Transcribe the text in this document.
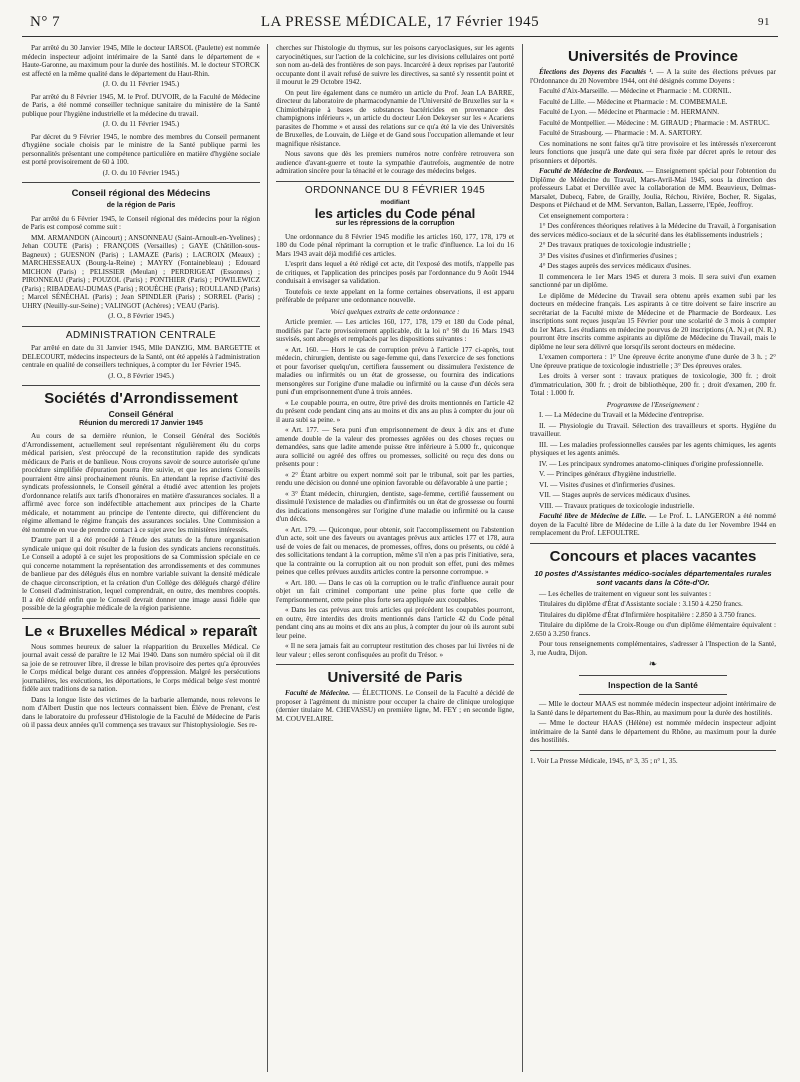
N° 7	LA PRESSE MÉDICALE, 17 Février 1945	91

Par arrêté du 30 Janvier 1945, Mlle le docteur IARSOL (Paulette) est nommée médecin inspecteur adjoint intérimaire de la Santé dans le département de « Haute-Garonne, au maximum pour la durée des hostilités. M. le docteur STORCK est affecté en la même qualité dans le département du Haut-Rhin.

(J. O. du 11 Février 1945.)

Par arrêté du 8 Février 1945, M. le Prof. DUVOIR, de la Faculté de Médecine de Paris, a été nommé conseiller technique sanitaire du ministère de la Santé publique pour l'hygiène industrielle et la médecine du travail.

(J. O. du 11 Février 1945.)

Par décret du 9 Février 1945, le nombre des membres du Conseil permanent d'hygiène sociale choisis par le ministre de la Santé publique parmi les personnalités présentant une compétence particulière en matière d'hygiène sociale est porté provisoirement de 60 à 100.

(J. O. du 10 Février 1945.)
Conseil régional des Médecins
de la région de Paris

Par arrêté du 6 Février 1945, le Conseil régional des médecins pour la région de Paris est composé comme suit :

MM. ARMANDON (Aincourt) ; ANSONNEAU (Saint-Arnoult-en-Yvelines) ; Jehan COUTE (Paris) ; FRANÇOIS (Versailles) ; GAYE (Châtillon-sous-Bagneux) ; GUESNON (Paris) ; LAMAZE (Paris) ; LACROIX (Meaux) ; MARCHESSEAUX (Bourg-la-Reine) ; MAYRY (Fontainebleau) ; Edouard MICHON (Paris) ; PELISSIER (Meulan) ; PERDRIGEAT (Essonnes) ; PIRONNEAU (Paris) ; POUZOL (Paris) ; PONTHIER (Paris) ; POWILEWICZ (Paris) ; RIBADEAU-DUMAS (Paris) ; ROUÈCHE (Paris) ; ROULLAND (Paris) ; Marcel SÉNÉCHAL (Paris) ; Jean SPINDLER (Paris) ; SORREL (Paris) ; UHRY (Neuilly-sur-Seine) ; VALINGOT (Achères) ; VEAU (Paris).

(J. O., 8 Février 1945.)
ADMINISTRATION CENTRALE

Par arrêté en date du 31 Janvier 1945, Mlle DANZIG, MM. BARGETTE et DELECOURT, médecins inspecteurs de la Santé, ont été appelés à l'administration centrale en qualité de conseillers techniques, à compter du 1er Février 1945.

(J. O., 8 Février 1945.)
Sociétés d'Arrondissement
Conseil Général
Réunion du mercredi 17 Janvier 1945

Au cours de sa dernière réunion, le Conseil Général des Sociétés d'Arrondissement, actuellement seul représentant régulièrement élu du corps médical parisien, s'est préoccupé de la reconstitution rapide des syndicats médicaux de Paris et de banlieue. Nous croyons savoir de source autorisée qu'une procédure simplifiée d'épuration pourra être suivie, et que les anciens Conseils pourraient être ainsi prochainement réunis. En attendant la reprise d'activité des syndicats professionnels, le Conseil général a étudié avec attention les projets d'ordonnance relatifs aux tarifs d'honoraires en matière d'assurances sociales. Il a affirmé avec force son indéfectible attachement aux principes de la Charte médicale, et notamment au principe de l'entente directe, qui différencient du régime allemand le régime français des assurances sociales. Une Commission a été nommée en vue de prendre contact à ce sujet avec les ministères intéressés.

D'autre part il a été procédé à l'étude des statuts de la future organisation syndicale unique qui doit résulter de la fusion des syndicats anciens reconstitués. Le Conseil a adopté à ce sujet les propositions de sa Commission spéciale en ce qui concerne notamment la représentation des arrondissements et des communes de banlieue par des délégués élus en nombre variable suivant la densité médicale de chaque circonscription, et la création d'un Collège des délégués chargé d'élire le Conseil d'administration, lequel comprendrait, en outre, des membres cooptés. Il a été décidé enfin que le Conseil devrait donner une image aussi fidèle que possible de la géographie médicale de la région parisienne.

Le « Bruxelles Médical » reparaît

Nous sommes heureux de saluer la réapparition du Bruxelles Médical. Ce journal avait cessé de paraître le 12 Mai 1940. Dans son numéro spécial où il dit sa joie de se retrouver libre, il dresse le bilan provisoire des pertes qu'a éprouvées le Corps médical belge durant ces années d'oppression. Malgré les persécutions journalières, les exécutions, les déportations, le Corps médical belge s'est montré fidèle aux traditions de sa nation.

Dans la longue liste des victimes de la barbarie allemande, nous relevons le nom d'Albert Dustin que nos lecteurs connaissent bien. Élève de Prenant, c'est dans le laboratoire du professeur d'Histologie de la Faculté de Médecine de Paris où il passa deux années qu'il commença ses travaux sur l'histophysiologie. Ses re-

cherches sur l'histologie du thymus, sur les poisons caryoclasiques, sur les agents caryocinétiques, sur l'action de la colchicine, sur les divisions cellulaires ont porté son nom au-delà des frontières de son pays. Incarcéré à deux reprises par l'autorité occupante dont il avait refusé de suivre les directives, sa santé s'y ressentit point et il mourut le 29 Octobre 1942.

On peut lire également dans ce numéro un article du Prof. Jean LA BARRE, directeur du laboratoire de pharmacodynamie de l'Université de Bruxelles sur la « Chimiothérapie à bases de substances bactéricides en provenance des champignons inférieurs », un article du docteur Léon Dekeyser sur les « Acariens parasites de l'homme » et aussi des relations sur ce qu'a été la vie des Universités de Bruxelles, de Louvain, de Liège et de Gand sous l'occupation allemande et leur magnifique résistance.

Nous savons que dès les premiers numéros notre confrère retrouvera son audience d'avant-guerre et toute la sympathie d'autrefois, augmentée de notre admiration sincère pour la ténacité et le courage des médecins belges.

ORDONNANCE DU 8 FÉVRIER 1945
modifiant
les articles du Code pénal
sur les répressions de la corruption

Une ordonnance du 8 Février 1945 modifie les articles 160, 177, 178, 179 et 180 du Code pénal réprimant la corruption et le trafic d'influence. La loi du 16 Mars 1943 avait déjà modifié ces articles.

L'esprit dans lequel a été rédigé cet acte, dit l'exposé des motifs, n'appelle pas de critiques, et l'application des principes posés par l'ordonnance du 9 Août 1944 conduisait à envisager sa validation.

Toutefois ce texte appelant en la forme certaines observations, il est apparu préférable de préparer une ordonnance nouvelle.

Voici quelques extraits de cette ordonnance :

Article premier. — Les articles 160, 177, 178, 179 et 180 du Code pénal, modifiés par l'acte provisoirement applicable, dit la loi n° 98 du 16 Mars 1943 susvisés, sont abrogés et remplacés par les dispositions suivantes :

« Art. 160. — Hors le cas de corruption prévu à l'article 177 ci-après, tout médecin, chirurgien, dentiste ou sage-femme qui, dans l'exercice de ses fonctions et pour favoriser quelqu'un, certifiera faussement ou dissimulera l'existence de maladies ou infirmités ou un état de grossesse, ou fournira des indications mensongères sur l'origine d'une maladie ou infirmité ou la cause d'un décès sera puni d'un emprisonnement d'une à trois années.

« Le coupable pourra, en outre, être privé des droits mentionnés en l'article 42 du présent code pendant cinq ans au moins et dix ans au plus à compter du jour où il aura subi sa peine. »

« Art. 177. — Sera puni d'un emprisonnement de deux à dix ans et d'une amende double de la valeur des promesses agréées ou des choses reçues ou demandées, sans que ladite amende puisse être inférieure à 5.000 fr., quiconque aura sollicité ou agréé des offres ou promesses, sollicité ou reçu des dons ou présents pour :

« 2° Étant arbitre ou expert nommé soit par le tribunal, soit par les parties, rendu une décision ou donné une opinion favorable ou défavorable à une partie ;

« 3° Étant médecin, chirurgien, dentiste, sage-femme, certifié faussement ou dissimulé l'existence de maladies ou d'infirmités ou un état de grossesse ou fourni des indications mensongères sur l'origine d'une maladie ou infirmité ou la cause d'un décès.

« Art. 179. — Quiconque, pour obtenir, soit l'accomplissement ou l'abstention d'un acte, soit une des faveurs ou avantages prévus aux articles 177 et 178, aura usé de voies de fait ou menaces, de promesses, offres, dons ou présents, ou cédé à des sollicitations tendant à la corruption, même s'il n'en a pas pris l'initiative, sera, que la contrainte ou la corruption ait ou non produit son effet, puni des mêmes peines que celles prévues auxdits articles contre la personne corrompue. »

« Art. 180. — Dans le cas où la corruption ou le trafic d'influence aurait pour objet un fait criminel comportant une peine plus forte que celle de l'emprisonnement, cette peine plus forte sera appliquée aux coupables.

« Dans les cas prévus aux trois articles qui précèdent les coupables pourront, en outre, être interdits des droits mentionnés dans l'article 42 du Code pénal pendant cinq ans au moins et dix ans au plus, à compter du jour où ils auront subi leur peine.

« Il ne sera jamais fait au corrupteur restitution des choses par lui livrées ni de leur valeur ; elles seront confisquées au profit du Trésor. »

Université de Paris

Faculté de Médecine. — ÉLECTIONS. Le Conseil de la Faculté a décidé de proposer à l'agrément du ministre pour occuper la chaire de clinique urologique (dernier titulaire M. CHEVASSU) en première ligne, M. FEY ; en seconde ligne, M. COUVELAIRE.

Universités de Province

Élections des Doyens des Facultés ¹. — A la suite des élections prévues par l'Ordonnance du 20 Novembre 1944, ont été désignés comme Doyens :

Faculté d'Aix-Marseille. — Médecine et Pharmacie : M. CORNIL.

Faculté de Lille. — Médecine et Pharmacie : M. COMBEMALE.

Faculté de Lyon. — Médecine et Pharmacie : M. HERMANN.

Faculté de Montpellier. — Médecine : M. GIRAUD ; Pharmacie : M. ASTRUC.

Faculté de Strasbourg. — Pharmacie : M. A. SARTORY.

Ces nominations ne sont faites qu'à titre provisoire et les intéressés n'exerceront leurs fonctions que jusqu'à une date qui sera fixée par décret après le retour des prisonniers et déportés.

Faculté de Médecine de Bordeaux. — Enseignement spécial pour l'obtention du Diplôme de Médecine du Travail, Mars-Avril-Mai 1945, sous la direction des professeurs Labat et Dervillée avec la collaboration de MM. Beauvieux, Delmas-Marsalet, Dubecq, Fabre, de Grailly, Joulia, Réchou, Rivière, Bocher, R. Sigalas, Despons et Piéchaud et de MM. Servanton, Ballan, Lasserre, l'Epée, Jeoffroy.

Cet enseignement comportera :

1° Des conférences théoriques relatives à la Médecine du Travail, à l'organisation des services médico-sociaux et de la sécurité dans les établissements industriels ;

2° Des travaux pratiques de toxicologie industrielle ;

3° Des visites d'usines et d'infirmeries d'usines ;

4° Des stages auprès des services médicaux d'usines.

Il commencera le 1er Mars 1945 et durera 3 mois. Il sera suivi d'un examen sanctionné par un diplôme.

Le diplôme de Médecine du Travail sera obtenu après examen subi par les docteurs en médecine français. Les aspirants à ce titre doivent se faire inscrire au secrétariat de la Faculté mixte de Médecine et de Pharmacie de Bordeaux. Les inscriptions sont reçues jusqu'au 15 Février pour une scolarité de 3 mois à compter du 1er Mars. Les étudiants en médecine pourvus de 20 inscriptions (A. N.) et (N. R.) pourront être inscrits comme aspirants au diplôme de Médecine du Travail, mais le diplôme ne leur sera délivré que lorsqu'ils seront docteurs en médecine.

L'examen comportera : 1° Une épreuve écrite anonyme d'une durée de 3 h. ; 2° Une épreuve pratique de toxicologie industrielle ; 3° Des épreuves orales.

Les droits à verser sont : travaux pratiques de toxicologie, 300 fr. ; droit d'immatriculation, 300 fr. ; droit de bibliothèque, 200 fr. ; droit d'examen, 200 fr. Total : 1.000 fr.

Programme de l'Enseignement :

I. — La Médecine du Travail et la Médecine d'entreprise.

II. — Physiologie du Travail. Sélection des travailleurs et sports. Hygiène du travailleur.

III. — Les maladies professionnelles causées par les agents chimiques, les agents physiques et les agents animés.

IV. — Les principaux syndromes anatomo-cliniques d'origine professionnelle.

V. — Principes généraux d'hygiène industrielle.

VI. — Visites d'usines et d'infirmeries d'usines.

VII. — Stages auprès de services médicaux d'usines.

VIII. — Travaux pratiques de toxicologie industrielle.

Faculté libre de Médecine de Lille. — Le Prof. L. LANGERON a été nommé doyen de la Faculté libre de Médecine de Lille à la date du 1er Novembre 1944 en remplacement du Prof. LEFOULTRE.

Concours et places vacantes
10 postes d'Assistantes médico-sociales départementales rurales sont vacants dans la Côte-d'Or.

— Les échelles de traitement en vigueur sont les suivantes :

Titulaires du diplôme d'État d'Assistante sociale : 3.150 à 4.250 francs.

Titulaires du diplôme d'État d'Infirmière hospitalière : 2.850 à 3.750 francs.

Titulaire du diplôme de la Croix-Rouge ou d'un diplôme élémentaire équivalent : 2.650 à 3.250 francs.

Pour tous renseignements complémentaires, s'adresser à l'Inspection de la Santé, 3, rue Audra, Dijon.

❧
Inspection de la Santé

— Mlle le docteur MAAS est nommée médecin inspecteur adjoint intérimaire de la Santé dans le département du Bas-Rhin, au maximum pour la durée des hostilités.

— Mme le docteur HAAS (Hélène) est nommée médecin inspecteur adjoint intérimaire de la Santé dans le département du Rhône, au maximum pour la durée des hostilités.

1. Voir La Presse Médicale, 1945, n° 3, 35 ; n° 1, 35.
